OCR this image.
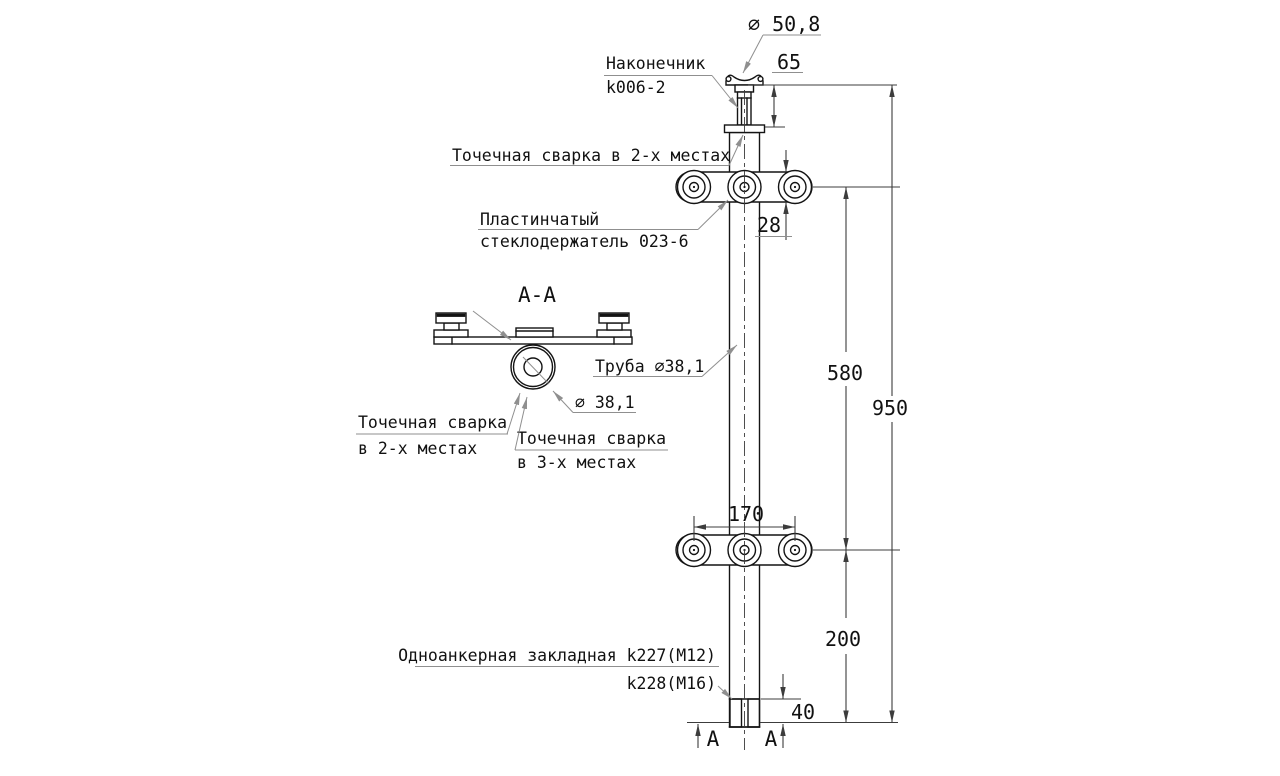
А А
65
28
580
950
170
200
40
∅ 50,8
Наконечник
k006-2
Точечная сварка в 2-х местах
Пластинчатый
стеклодержатель 023-6
Труба ∅38,1
Одноанкерная закладная k227(М12)
k228(М16)
А-А
Точечная сварка
в 2-х местах
Точечная сварка
в 3-х местах
∅ 38,1
